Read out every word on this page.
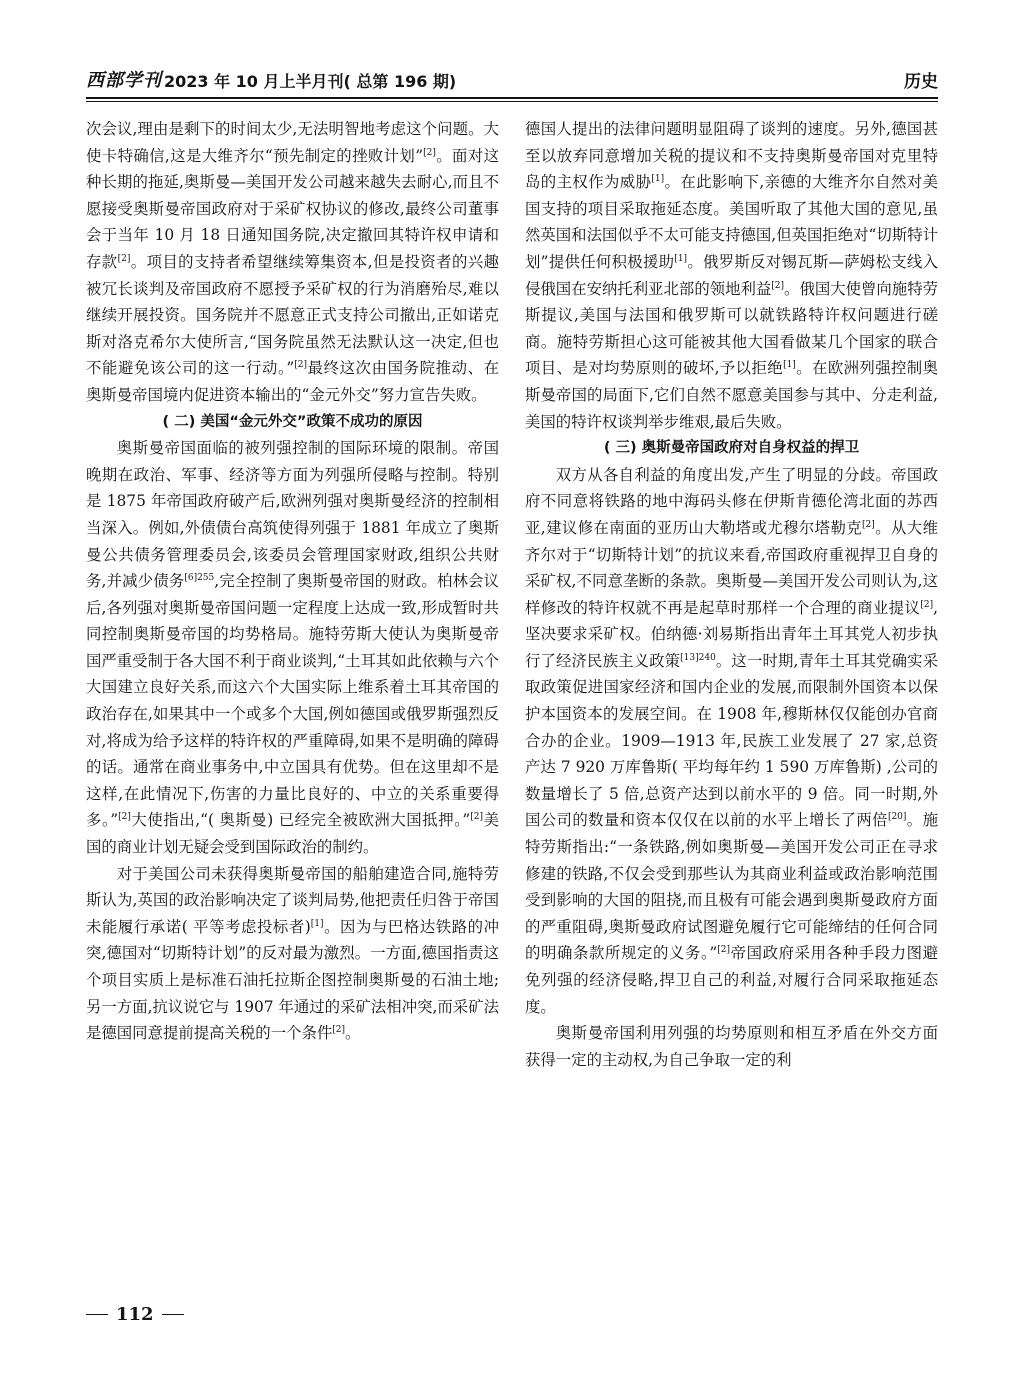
西部学刊 2023 年 10 月上半月刊( 总第 196 期)	历史

次会议,理由是剩下的时间太少,无法明智地考虑这个问题。大使卡特确信,这是大维齐尔“预先制定的挫败计划”[2]。面对这种长期的拖延,奥斯曼—美国开发公司越来越失去耐心,而且不愿接受奥斯曼帝国政府对于采矿权协议的修改,最终公司董事会于当年 10 月 18 日通知国务院,决定撤回其特许权申请和存款[2]。项目的支持者希望继续筹集资本,但是投资者的兴趣被冗长谈判及帝国政府不愿授予采矿权的行为消磨殆尽,难以继续开展投资。国务院并不愿意正式支持公司撤出,正如诺克斯对洛克希尔大使所言,“国务院虽然无法默认这一决定,但也不能避免该公司的这一行动。”[2]最终这次由国务院推动、在奥斯曼帝国境内促进资本输出的“金元外交”努力宣告失败。

( 二) 美国“金元外交”政策不成功的原因

奥斯曼帝国面临的被列强控制的国际环境的限制。帝国晚期在政治、军事、经济等方面为列强所侵略与控制。特别是 1875 年帝国政府破产后,欧洲列强对奥斯曼经济的控制相当深入。例如,外债债台高筑使得列强于 1881 年成立了奥斯曼公共债务管理委员会,该委员会管理国家财政,组织公共财务,并减少债务$^{[6]255}$,完全控制了奥斯曼帝国的财政。柏林会议后,各列强对奥斯曼帝国问题一定程度上达成一致,形成暂时共同控制奥斯曼帝国的均势格局。施特劳斯大使认为奥斯曼帝国严重受制于各大国不利于商业谈判,“土耳其如此依赖与六个大国建立良好关系,而这六个大国实际上维系着土耳其帝国的政治存在,如果其中一个或多个大国,例如德国或俄罗斯强烈反对,将成为给予这样的特许权的严重障碍,如果不是明确的障碍的话。通常在商业事务中,中立国具有优势。但在这里却不是这样,在此情况下,伤害的力量比良好的、中立的关系重要得多。”[2]大使指出,“( 奥斯曼) 已经完全被欧洲大国抵押。”[2]美国的商业计划无疑会受到国际政治的制约。

对于美国公司未获得奥斯曼帝国的船舶建造合同,施特劳斯认为,英国的政治影响决定了谈判局势,他把责任归咎于帝国未能履行承诺( 平等考虑投标者)[1]。因为与巴格达铁路的冲突,德国对“切斯特计划”的反对最为激烈。一方面,德国指责这个项目实质上是标准石油托拉斯企图控制奥斯曼的石油土地;另一方面,抗议说它与 1907 年通过的采矿法相冲突,而采矿法是德国同意提前提高关税的一个条件[2]。

德国人提出的法律问题明显阻碍了谈判的速度。另外,德国甚至以放弃同意增加关税的提议和不支持奥斯曼帝国对克里特岛的主权作为威胁[1]。在此影响下,亲德的大维齐尔自然对美国支持的项目采取拖延态度。美国听取了其他大国的意见,虽然英国和法国似乎不太可能支持德国,但英国拒绝对“切斯特计划”提供任何积极援助[1]。俄罗斯反对锡瓦斯—萨姆松支线入侵俄国在安纳托利亚北部的领地利益[2]。俄国大使曾向施特劳斯提议,美国与法国和俄罗斯可以就铁路特许权问题进行磋商。施特劳斯担心这可能被其他大国看做某几个国家的联合项目、是对均势原则的破坏,予以拒绝[1]。在欧洲列强控制奥斯曼帝国的局面下,它们自然不愿意美国参与其中、分走利益,美国的特许权谈判举步维艰,最后失败。

( 三) 奥斯曼帝国政府对自身权益的捍卫

双方从各自利益的角度出发,产生了明显的分歧。帝国政府不同意将铁路的地中海码头修在伊斯肯德伦湾北面的苏西亚,建议修在南面的亚历山大勒塔或尤穆尔塔勒克[2]。从大维齐尔对于“切斯特计划”的抗议来看,帝国政府重视捍卫自身的采矿权,不同意垄断的条款。奥斯曼—美国开发公司则认为,这样修改的特许权就不再是起草时那样一个合理的商业提议[2],坚决要求采矿权。伯纳德·刘易斯指出青年土耳其党人初步执行了经济民族主义政策$^{[13]240}$。这一时期,青年土耳其党确实采取政策促进国家经济和国内企业的发展,而限制外国资本以保护本国资本的发展空间。在 1908 年,穆斯林仅仅能创办官商合办的企业。1909—1913 年,民族工业发展了 27 家,总资产达 7 920 万库鲁斯( 平均每年约 1 590 万库鲁斯) ,公司的数量增长了 5 倍,总资产达到以前水平的 9 倍。同一时期,外国公司的数量和资本仅仅在以前的水平上增长了两倍[20]。施特劳斯指出:“一条铁路,例如奥斯曼—美国开发公司正在寻求修建的铁路,不仅会受到那些认为其商业利益或政治影响范围受到影响的大国的阻挠,而且极有可能会遇到奥斯曼政府方面的严重阻碍,奥斯曼政府试图避免履行它可能缔结的任何合同的明确条款所规定的义务。”[2]帝国政府采用各种手段力图避免列强的经济侵略,捍卫自己的利益,对履行合同采取拖延态度。

奥斯曼帝国利用列强的均势原则和相互矛盾在外交方面获得一定的主动权,为自己争取一定的利

112
